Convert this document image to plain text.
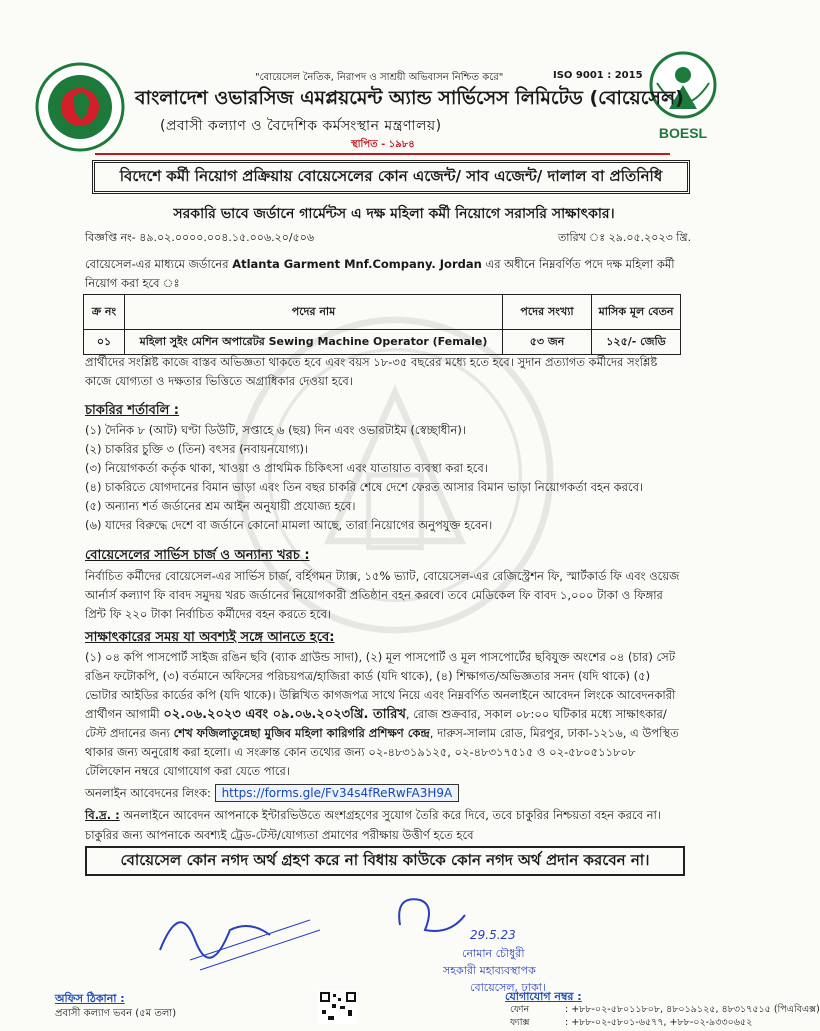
BOESL
"বোয়েসেল নৈতিক, নিরাপদ ও সাশ্রয়ী অভিবাসন নিশ্চিত করে"	ISO 9001 : 2015
বাংলাদেশ ওভারসিজ এমপ্লয়মেন্ট অ্যান্ড সার্ভিসেস লিমিটেড (বোয়েসেল)
(প্রবাসী কল্যাণ ও বৈদেশিক কর্মসংস্থান মন্ত্রণালয়)
স্থাপিত - ১৯৮৪
বিদেশে কর্মী নিয়োগ প্রক্রিয়ায় বোয়েসেলের কোন এজেন্ট/ সাব এজেন্ট/ দালাল বা প্রতিনিধি
সরকারি ভাবে জর্ডানে গার্মেন্টস এ দক্ষ মহিলা কর্মী নিয়োগে সরাসরি সাক্ষাৎকার।
বিজ্ঞপ্তি নং- ৪৯.০২.০০০০.০০৪.১৫.০০৬.২০/৫০৬	তারিখ ঃ ২৯.০৫.২০২৩ খ্রি.
বোয়েসেল-এর মাধ্যমে জর্ডানের Atlanta Garment Mnf.Company. Jordan এর অধীনে নিম্নবর্ণিত পদে দক্ষ মহিলা কর্মী নিয়োগ করা হবে ঃ
ক্র নং	পদের নাম	পদের সংখ্যা	মাসিক মূল বেতন
০১	মহিলা সুইং মেশিন অপারেটর Sewing Machine Operator (Female)	৫৩ জন	১২৫/- জেডি
প্রার্থীদের সংশ্লিষ্ট কাজে বাস্তব অভিজ্ঞতা থাকতে হবে এবং বয়স ১৮-৩৫ বছরের মধ্যে হতে হবে। সুদান প্রত্যাগত কর্মীদের সংশ্লিষ্ট কাজে যোগ্যতা ও দক্ষতার ভিত্তিতে অগ্রাধিকার দেওয়া হবে।
চাকরির শর্তাবলি :
(১) দৈনিক ৮ (আট) ঘণ্টা ডিউটি, সপ্তাহে ৬ (ছয়) দিন এবং ওভারটাইম (স্বেচ্ছাধীন)।
(২) চাকরির চুক্তি ৩ (তিন) বৎসর (নবায়নযোগ্য)।
(৩) নিয়োগকর্তা কর্তৃক থাকা, খাওয়া ও প্রাথমিক চিকিৎসা এবং যাতায়াত ব্যবস্থা করা হবে।
(৪) চাকরিতে যোগদানের বিমান ভাড়া এবং তিন বছর চাকরি শেষে দেশে ফেরত আসার বিমান ভাড়া নিয়োগকর্তা বহন করবে।
(৫) অন্যান্য শর্ত জর্ডানের শ্রম আইন অনুযায়ী প্রযোজ্য হবে।
(৬) যাদের বিরুদ্ধে দেশে বা জর্ডানে কোনো মামলা আছে, তারা নিয়োগের অনুপযুক্ত হবেন।
বোয়েসেলের সার্ভিস চার্জ ও অন্যান্য খরচ :
নির্বাচিত কর্মীদের বোয়েসেল-এর সার্ভিস চার্জ, বর্হিগমন ট্যাক্স, ১৫% ভ্যাট, বোয়েসেল-এর রেজিস্ট্রেশন ফি, স্মার্টকার্ড ফি এবং ওয়েজ আর্নার্স কল্যাণ ফি বাবদ সমুদয় খরচ জর্ডানের নিয়োগকারী প্রতিষ্ঠান বহন করবে। তবে মেডিকেল ফি বাবদ ১,০০০ টাকা ও ফিঙ্গার প্রিন্ট ফি ২২০ টাকা নির্বাচিত কর্মীদের বহন করতে হবে।
সাক্ষাৎকারের সময় যা অবশ্যই সঙ্গে আনতে হবে:
(১) ০৪ কপি পাসপোর্ট সাইজ রঙিন ছবি (ব্যাক গ্রাউন্ড সাদা), (২) মূল পাসপোর্ট ও মূল পাসপোর্টের ছবিযুক্ত অংশের ০৪ (চার) সেট রঙিন ফটোকপি, (৩) বর্তমানে অফিসের পরিচয়পত্র/হাজিরা কার্ড (যদি থাকে), (৪) শিক্ষাগত/অভিজ্ঞতার সনদ (যদি থাকে) (৫) ভোটার আইডির কার্ডের কপি (যদি থাকে)। উল্লিখিত কাগজপত্র সাথে নিয়ে এবং নিম্নবর্ণিত অনলাইনে আবেদন লিংকে আবেদনকারী প্রার্থীগন আগামী ০২.০৬.২০২৩ এবং ০৯.০৬.২০২৩খ্রি. তারিখ, রোজ শুক্রবার, সকাল ০৮:০০ ঘটিকার মধ্যে সাক্ষাৎকার/টেস্ট প্রদানের জন্য শেখ ফজিলাতুন্নেছা মুজিব মহিলা কারিগরি প্রশিক্ষণ কেন্দ্র, দারুস-সালাম রোড, মিরপুর, ঢাকা-১২১৬, এ উপস্থিত থাকার জন্য অনুরোধ করা হলো। এ সংক্রান্ত কোন তথ্যের জন্য ০২-৪৮৩১৯১২৫, ০২-৪৮৩১৭৫১৫ ও ০২-৫৮০৫১১৮০৮ টেলিফোন নম্বরে যোগাযোগ করা যেতে পারে।
অনলাইন আবেদনের লিংক: https://forms.gle/Fv34s4fReRwFA3H9A
বি.দ্র. : অনলাইনে আবেদন আপনাকে ইন্টারভিউতে অংশগ্রহণের সুযোগ তৈরি করে দিবে, তবে চাকুরির নিশ্চয়তা বহন করবে না।
চাকুরির জন্য আপনাকে অবশ্যই ট্রেড-টেস্ট/যোগ্যতা প্রমাণের পরীক্ষায় উত্তীর্ণ হতে হবে
বোয়েসেল কোন নগদ অর্থ গ্রহণ করে না বিধায় কাউকে কোন নগদ অর্থ প্রদান করবেন না।
29.5.23
নোমান চৌধুরী
সহকারী মহাব্যবস্থাপক
বোয়েসেল, ঢাকা।
অফিস ঠিকানা :
প্রবাসী কল্যাণ ভবন (৫ম তলা)
যোগাযোগ নম্বর :
ফোন	: +৮৮-০২-৫৮০১১৮০৮, ৪৮০১৯১২৫, ৪৮৩১৭৫১৫ (পিএবিএক্স)
ফ্যাক্স	: +৮৮-০২-৫৮০১-৬৫৭৭, +৮৮-০২-৯৩৩০৬৫২
